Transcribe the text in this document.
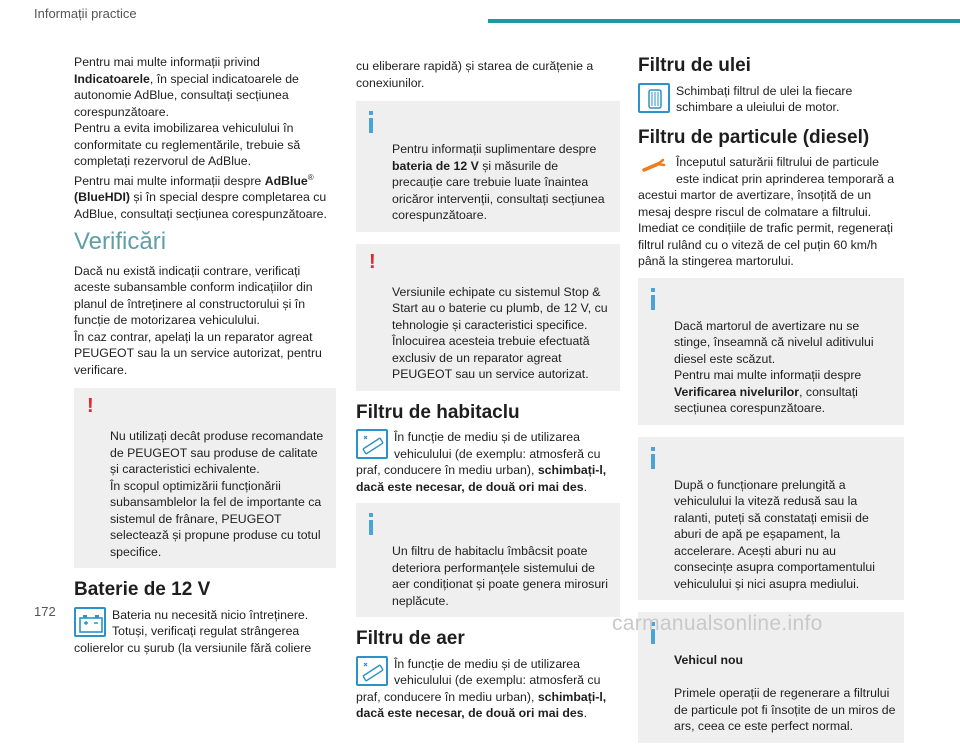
Informații practice
Pentru mai multe informații privind Indicatoarele, în special indicatoarele de autonomie AdBlue, consultați secțiunea corespunzătoare.
Pentru a evita imobilizarea vehiculului în conformitate cu reglementările, trebuie să completați rezervorul de AdBlue.
Pentru mai multe informații despre AdBlue® (BlueHDI) și în special despre completarea cu AdBlue, consultați secțiunea corespunzătoare.
Verificări
Dacă nu există indicații contrare, verificați aceste subansamble conform indicațiilor din planul de întreținere al constructorului și în funcție de motorizarea vehiculului.
În caz contrar, apelați la un reparator agreat PEUGEOT sau la un service autorizat, pentru verificare.

!

Nu utilizați decât produse recomandate de PEUGEOT sau produse de calitate și caracteristici echivalente.
În scopul optimizării funcționării subansamblelor la fel de importante ca sistemul de frânare, PEUGEOT selectează și propune produse cu totul specifice.

Baterie de 12 V
Bateria nu necesită nicio întreținere.
Totuși, verificați regulat strângerea colierelor cu șurub (la versiunile fără coliere
cu eliberare rapidă) și starea de curățenie a conexiunilor.

Pentru informații suplimentare despre bateria de 12 V și măsurile de precauție care trebuie luate înaintea oricăror intervenții, consultați secțiunea corespunzătoare.

!

Versiunile echipate cu sistemul Stop & Start au o baterie cu plumb, de 12 V, cu tehnologie și caracteristici specifice.
Înlocuirea acesteia trebuie efectuată exclusiv de un reparator agreat PEUGEOT sau un service autorizat.

Filtru de habitaclu
În funcție de mediu și de utilizarea vehiculului (de exemplu: atmosferă cu praf, conducere în mediu urban), schimbați-l, dacă este necesar, de două ori mai des.

Un filtru de habitaclu îmbâcsit poate deteriora performanțele sistemului de aer condiționat și poate genera mirosuri neplăcute.

Filtru de aer
În funcție de mediu și de utilizarea vehiculului (de exemplu: atmosferă cu praf, conducere în mediu urban), schimbați-l, dacă este necesar, de două ori mai des.
Filtru de ulei
Schimbați filtrul de ulei la fiecare schimbare a uleiului de motor.
Filtru de particule (diesel)
Începutul saturării filtrului de particule este indicat prin aprinderea temporară a acestui martor de avertizare, însoțită de un mesaj despre riscul de colmatare a filtrului.
Imediat ce condițiile de trafic permit, regenerați filtrul rulând cu o viteză de cel puțin 60 km/h până la stingerea martorului.

Dacă martorul de avertizare nu se stinge, înseamnă că nivelul aditivului diesel este scăzut.
Pentru mai multe informații despre Verificarea nivelurilor, consultați secțiunea corespunzătoare.

După o funcționare prelungită a vehiculului la viteză redusă sau la ralanti, puteți să constatați emisii de aburi de apă pe eșapament, la accelerare. Acești aburi nu au consecințe asupra comportamentului vehiculului și nici asupra mediului.

Vehicul nou

Primele operații de regenerare a filtrului de particule pot fi însoțite de un miros de ars, ceea ce este perfect normal.

172
carmanualsonline.info
